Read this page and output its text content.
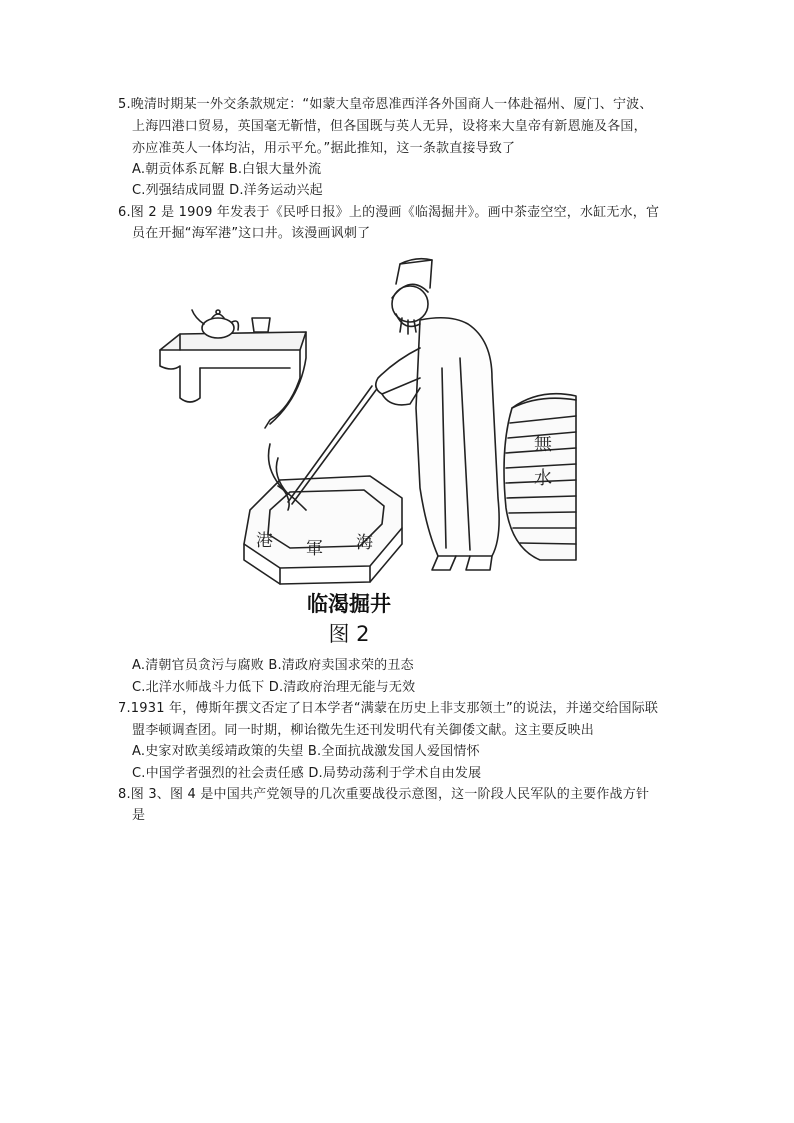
5.晚清时期某一外交条款规定：“如蒙大皇帝恩准西洋各外国商人一体赴福州、厦门、宁波、
上海四港口贸易，英国毫无靳惜，但各国既与英人无异，设将来大皇帝有新恩施及各国，
亦应准英人一体均沾，用示平允。”据此推知，这一条款直接导致了
A.朝贡体系瓦解 B.白银大量外流
C.列强结成同盟 D.洋务运动兴起
6.图 2 是 1909 年发表于《民呼日报》上的漫画《临渴掘井》。画中茶壶空空，水缸无水，官
员在开掘“海军港”这口井。该漫画讽刺了
港 軍 海
無
水
临渴掘井
图 2
A.清朝官员贪污与腐败 B.清政府卖国求荣的丑态
C.北洋水师战斗力低下 D.清政府治理无能与无效
7.1931 年，傅斯年撰文否定了日本学者“满蒙在历史上非支那领土”的说法，并递交给国际联
盟李顿调查团。同一时期，柳诒徵先生还刊发明代有关御倭文献。这主要反映出
A.史家对欧美绥靖政策的失望 B.全面抗战激发国人爱国情怀
C.中国学者强烈的社会责任感 D.局势动荡利于学术自由发展
8.图 3、图 4 是中国共产党领导的几次重要战役示意图，这一阶段人民军队的主要作战方针
是
